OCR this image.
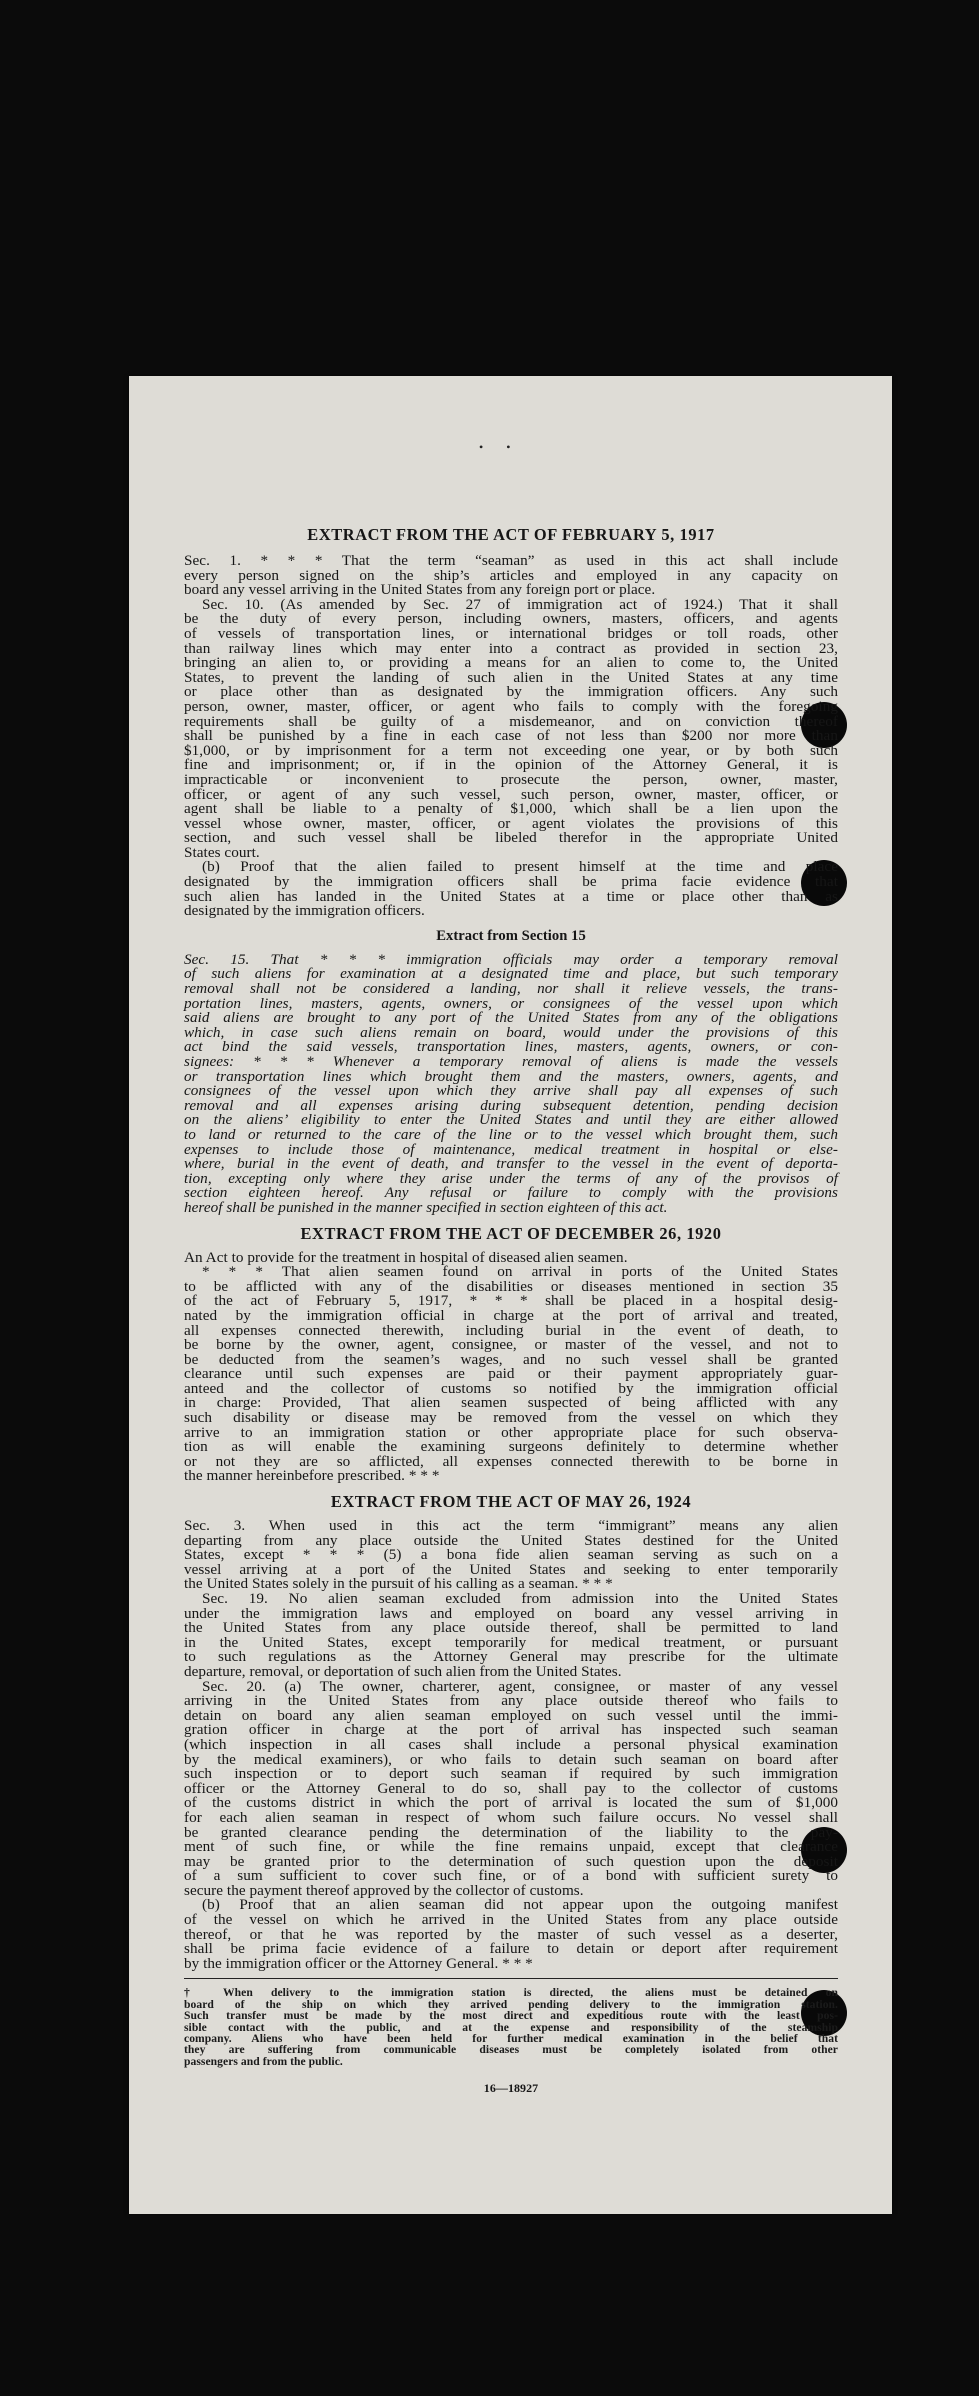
• •
EXTRACT FROM THE ACT OF FEBRUARY 5, 1917
Sec. 1. * * * That the term “seaman” as used in this act shall include
every person signed on the ship’s articles and employed in any capacity on
board any vessel arriving in the United States from any foreign port or place.
Sec. 10. (As amended by Sec. 27 of immigration act of 1924.) That it shall
be the duty of every person, including owners, masters, officers, and agents
of vessels of transportation lines, or international bridges or toll roads, other
than railway lines which may enter into a contract as provided in section 23,
bringing an alien to, or providing a means for an alien to come to, the United
States, to prevent the landing of such alien in the United States at any time
or place other than as designated by the immigration officers. Any such
person, owner, master, officer, or agent who fails to comply with the foregoing
requirements shall be guilty of a misdemeanor, and on conviction thereof
shall be punished by a fine in each case of not less than $200 nor more than
$1,000, or by imprisonment for a term not exceeding one year, or by both such
fine and imprisonment; or, if in the opinion of the Attorney General, it is
impracticable or inconvenient to prosecute the person, owner, master,
officer, or agent of any such vessel, such person, owner, master, officer, or
agent shall be liable to a penalty of $1,000, which shall be a lien upon the
vessel whose owner, master, officer, or agent violates the provisions of this
section, and such vessel shall be libeled therefor in the appropriate United
States court.
(b) Proof that the alien failed to present himself at the time and place
designated by the immigration officers shall be prima facie evidence that
such alien has landed in the United States at a time or place other than as
designated by the immigration officers.
Extract from Section 15
Sec. 15. That * * * immigration officials may order a temporary removal
of such aliens for examination at a designated time and place, but such temporary
removal shall not be considered a landing, nor shall it relieve vessels, the trans-
portation lines, masters, agents, owners, or consignees of the vessel upon which
said aliens are brought to any port of the United States from any of the obligations
which, in case such aliens remain on board, would under the provisions of this
act bind the said vessels, transportation lines, masters, agents, owners, or con-
signees: * * * Whenever a temporary removal of aliens is made the vessels
or transportation lines which brought them and the masters, owners, agents, and
consignees of the vessel upon which they arrive shall pay all expenses of such
removal and all expenses arising during subsequent detention, pending decision
on the aliens’ eligibility to enter the United States and until they are either allowed
to land or returned to the care of the line or to the vessel which brought them, such
expenses to include those of maintenance, medical treatment in hospital or else-
where, burial in the event of death, and transfer to the vessel in the event of deporta-
tion, excepting only where they arise under the terms of any of the provisos of
section eighteen hereof. Any refusal or failure to comply with the provisions
hereof shall be punished in the manner specified in section eighteen of this act.
EXTRACT FROM THE ACT OF DECEMBER 26, 1920
An Act to provide for the treatment in hospital of diseased alien seamen.
* * * That alien seamen found on arrival in ports of the United States
to be afflicted with any of the disabilities or diseases mentioned in section 35
of the act of February 5, 1917, * * * shall be placed in a hospital desig-
nated by the immigration official in charge at the port of arrival and treated,
all expenses connected therewith, including burial in the event of death, to
be borne by the owner, agent, consignee, or master of the vessel, and not to
be deducted from the seamen’s wages, and no such vessel shall be granted
clearance until such expenses are paid or their payment appropriately guar-
anteed and the collector of customs so notified by the immigration official
in charge: Provided, That alien seamen suspected of being afflicted with any
such disability or disease may be removed from the vessel on which they
arrive to an immigration station or other appropriate place for such observa-
tion as will enable the examining surgeons definitely to determine whether
or not they are so afflicted, all expenses connected therewith to be borne in
the manner hereinbefore prescribed. * * *
EXTRACT FROM THE ACT OF MAY 26, 1924
Sec. 3. When used in this act the term “immigrant” means any alien
departing from any place outside the United States destined for the United
States, except * * * (5) a bona fide alien seaman serving as such on a
vessel arriving at a port of the United States and seeking to enter temporarily
the United States solely in the pursuit of his calling as a seaman. * * *
Sec. 19. No alien seaman excluded from admission into the United States
under the immigration laws and employed on board any vessel arriving in
the United States from any place outside thereof, shall be permitted to land
in the United States, except temporarily for medical treatment, or pursuant
to such regulations as the Attorney General may prescribe for the ultimate
departure, removal, or deportation of such alien from the United States.
Sec. 20. (a) The owner, charterer, agent, consignee, or master of any vessel
arriving in the United States from any place outside thereof who fails to
detain on board any alien seaman employed on such vessel until the immi-
gration officer in charge at the port of arrival has inspected such seaman
(which inspection in all cases shall include a personal physical examination
by the medical examiners), or who fails to detain such seaman on board after
such inspection or to deport such seaman if required by such immigration
officer or the Attorney General to do so, shall pay to the collector of customs
of the customs district in which the port of arrival is located the sum of $1,000
for each alien seaman in respect of whom such failure occurs. No vessel shall
be granted clearance pending the determination of the liability to the pay-
ment of such fine, or while the fine remains unpaid, except that clearance
may be granted prior to the determination of such question upon the deposit
of a sum sufficient to cover such fine, or of a bond with sufficient surety to
secure the payment thereof approved by the collector of customs.
(b) Proof that an alien seaman did not appear upon the outgoing manifest
of the vessel on which he arrived in the United States from any place outside
thereof, or that he was reported by the master of such vessel as a deserter,
shall be prima facie evidence of a failure to detain or deport after requirement
by the immigration officer or the Attorney General. * * *
† When delivery to the immigration station is directed, the aliens must be detained on
board of the ship on which they arrived pending delivery to the immigration station.
Such transfer must be made by the most direct and expeditious route with the least pos-
sible contact with the public, and at the expense and responsibility of the steamship
company. Aliens who have been held for further medical examination in the belief that
they are suffering from communicable diseases must be completely isolated from other
passengers and from the public.
16—18927
